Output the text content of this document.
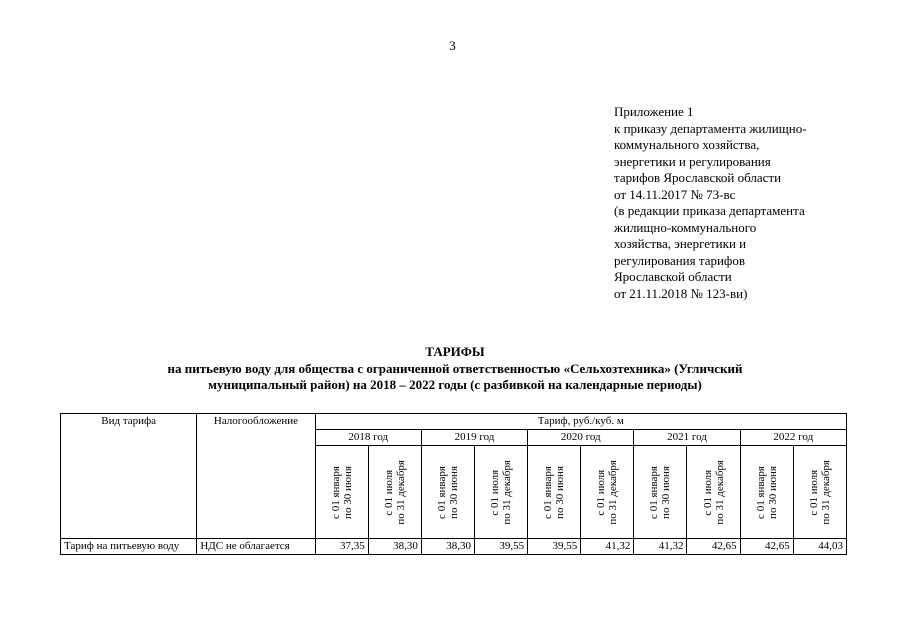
3
Приложение 1
к приказу департамента жилищно-
коммунального хозяйства,
энергетики и регулирования
тарифов Ярославской области
от 14.11.2017 № 73-вс
(в редакции приказа департамента
жилищно-коммунального
хозяйства, энергетики и
регулирования тарифов
Ярославской области
от 21.11.2018 № 123-ви)
ТАРИФЫ
на питьевую воду для общества с ограниченной ответственностью «Сельхозтехника» (Угличский
муниципальный район) на 2018 – 2022 годы (с разбивкой на календарные периоды)
Вид тарифа	Налогообложение	Тариф, руб./куб. м									
		2018 год		2019 год		2020 год		2021 год		2022 год	

		с 01 января
по 30 июня	с 01 июля
по 31 декабря	с 01 января
по 30 июня	с 01 июля
по 31 декабря	с 01 января
по 30 июня	с 01 июля
по 31 декабря	с 01 января
по 30 июня	с 01 июля
по 31 декабря	с 01 января
по 30 июня	с 01 июля
по 31 декабря

Тариф на питьевую воду	НДС не облагается	37,35	38,30	38,30	39,55	39,55	41,32	41,32	42,65	42,65	44,03
